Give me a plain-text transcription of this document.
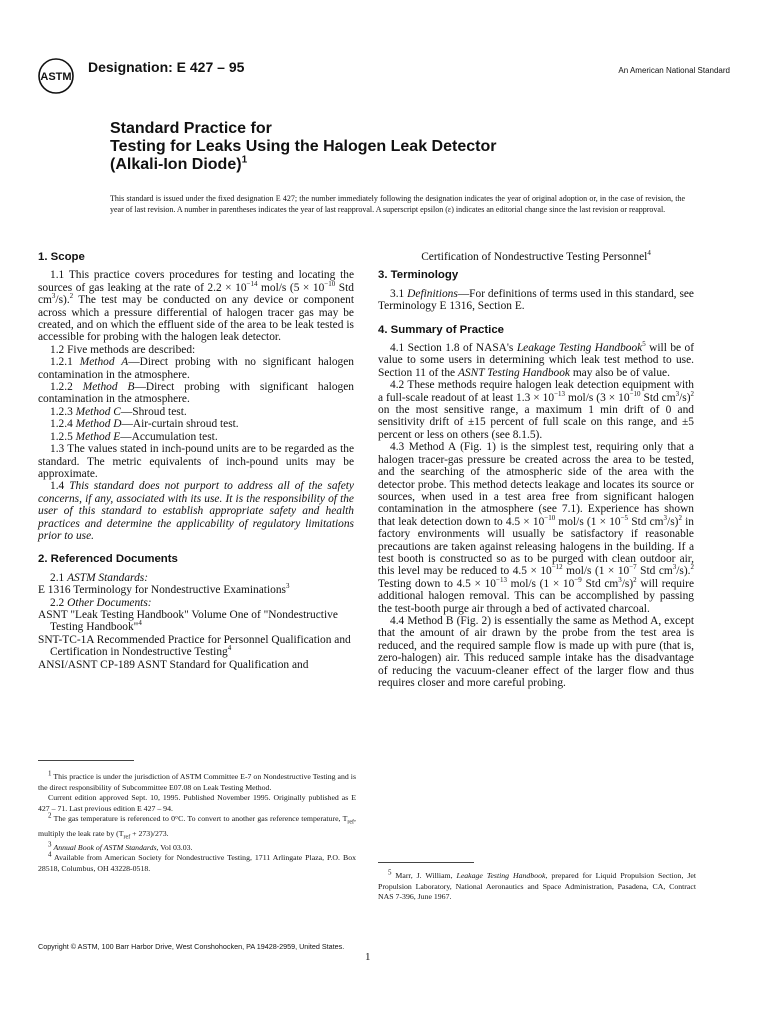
ASTM
Designation: E 427 – 95	An American National Standard
Standard Practice for
Testing for Leaks Using the Halogen Leak Detector
(Alkali-Ion Diode)$^1$
This standard is issued under the fixed designation E 427; the number immediately following the designation indicates the year of original adoption or, in the case of revision, the year of last revision. A number in parentheses indicates the year of last reapproval. A superscript epsilon (ε) indicates an editorial change since the last revision or reapproval.
1. Scope

1.1 This practice covers procedures for testing and locating the sources of gas leaking at the rate of $2.2 \times 10^{-14}$ mol/s ($5 \times 10^{-10}$ Std $cm^3/s).^2$ The test may be conducted on any device or component across which a pressure differential of halogen tracer gas may be created, and on which the effluent side of the area to be leak tested is accessible for probing with the halogen leak detector.

1.2 Five methods are described:

1.2.1 Method A—Direct probing with no significant halogen contamination in the atmosphere.

1.2.2 Method B—Direct probing with significant halogen contamination in the atmosphere.

1.2.3 Method C—Shroud test.

1.2.4 Method D—Air-curtain shroud test.

1.2.5 Method E—Accumulation test.

1.3 The values stated in inch-pound units are to be regarded as the standard. The metric equivalents of inch-pound units may be approximate.

1.4 This standard does not purport to address all of the safety concerns, if any, associated with its use. It is the responsibility of the user of this standard to establish appropriate safety and health practices and determine the applicability of regulatory limitations prior to use.

2. Referenced Documents

2.1 ASTM Standards:

E 1316 Terminology for Nondestructive Examinations$^3$

2.2 Other Documents:

ASNT "Leak Testing Handbook" Volume One of "Nondestructive Testing Handbook"$^4$

SNT-TC-1A Recommended Practice for Personnel Qualification and Certification in Nondestructive Testing$^4$

ANSI/ASNT CP-189 ASNT Standard for Qualification and

Certification of Nondestructive Testing Personnel$^4$

3. Terminology

3.1 Definitions—For definitions of terms used in this standard, see Terminology E 1316, Section E.

4. Summary of Practice

4.1 Section 1.8 of NASA's Leakage Testing Handbook$^5$ will be of value to some users in determining which leak test method to use. Section 11 of the ASNT Testing Handbook may also be of value.

4.2 These methods require halogen leak detection equipment with a full-scale readout of at least $1.3 \times 10^{-13}$ mol/s ($3 \times 10^{-10}$ Std $cm^3/s)^2$ on the most sensitive range, a maximum 1 min drift of 0 and sensitivity drift of ±15 percent of full scale on this range, and ±5 percent or less on others (see 8.1.5).

4.3 Method A (Fig. 1) is the simplest test, requiring only that a halogen tracer-gas pressure be created across the area to be tested, and the searching of the atmospheric side of the area with the detector probe. This method detects leakage and locates its source or sources, when used in a test area free from significant halogen contamination in the atmosphere (see 7.1). Experience has shown that leak detection down to $4.5 \times 10^{-10}$ mol/s ($1 \times 10^{-5}$ Std $cm^3/s)^2$ in factory environments will usually be satisfactory if reasonable precautions are taken against releasing halogens in the building. If a test booth is constructed so as to be purged with clean outdoor air, this level may be reduced to $4.5 \times 10^{-12}$ mol/s ($1 \times 10^{-7}$ Std $cm^3/s).^2$ Testing down to $4.5 \times 10^{-13}$ mol/s ($1 \times 10^{-9}$ Std $cm^3/s)^2$ will require additional halogen removal. This can be accomplished by passing the test-booth purge air through a bed of activated charcoal.

4.4 Method B (Fig. 2) is essentially the same as Method A, except that the amount of air drawn by the probe from the test area is reduced, and the required sample flow is made up with pure (that is, zero-halogen) air. This reduced sample intake has the disadvantage of reducing the vacuum-cleaner effect of the larger flow and thus requires closer and more careful probing.

$^1$ This practice is under the jurisdiction of ASTM Committee E-7 on Nondestructive Testing and is the direct responsibility of Subcommittee E07.08 on Leak Testing Method.

Current edition approved Sept. 10, 1995. Published November 1995. Originally published as E 427 – 71. Last previous edition E 427 – 94.

$^2$ The gas temperature is referenced to 0°C. To convert to another gas reference temperature, $T_{ref}$, multiply the leak rate by $(T_{ref} + 273)/273$.

$^3$ Annual Book of ASTM Standards, Vol 03.03.

$^4$ Available from American Society for Nondestructive Testing, 1711 Arlingate Plaza, P.O. Box 28518, Columbus, OH 43228-0518.	$^5$ Marr, J. William, Leakage Testing Handbook, prepared for Liquid Propulsion Section, Jet Propulsion Laboratory, National Aeronautics and Space Administration, Pasadena, CA, Contract NAS 7-396, June 1967.

Copyright © ASTM, 100 Barr Harbor Drive, West Conshohocken, PA 19428-2959, United States.
1
